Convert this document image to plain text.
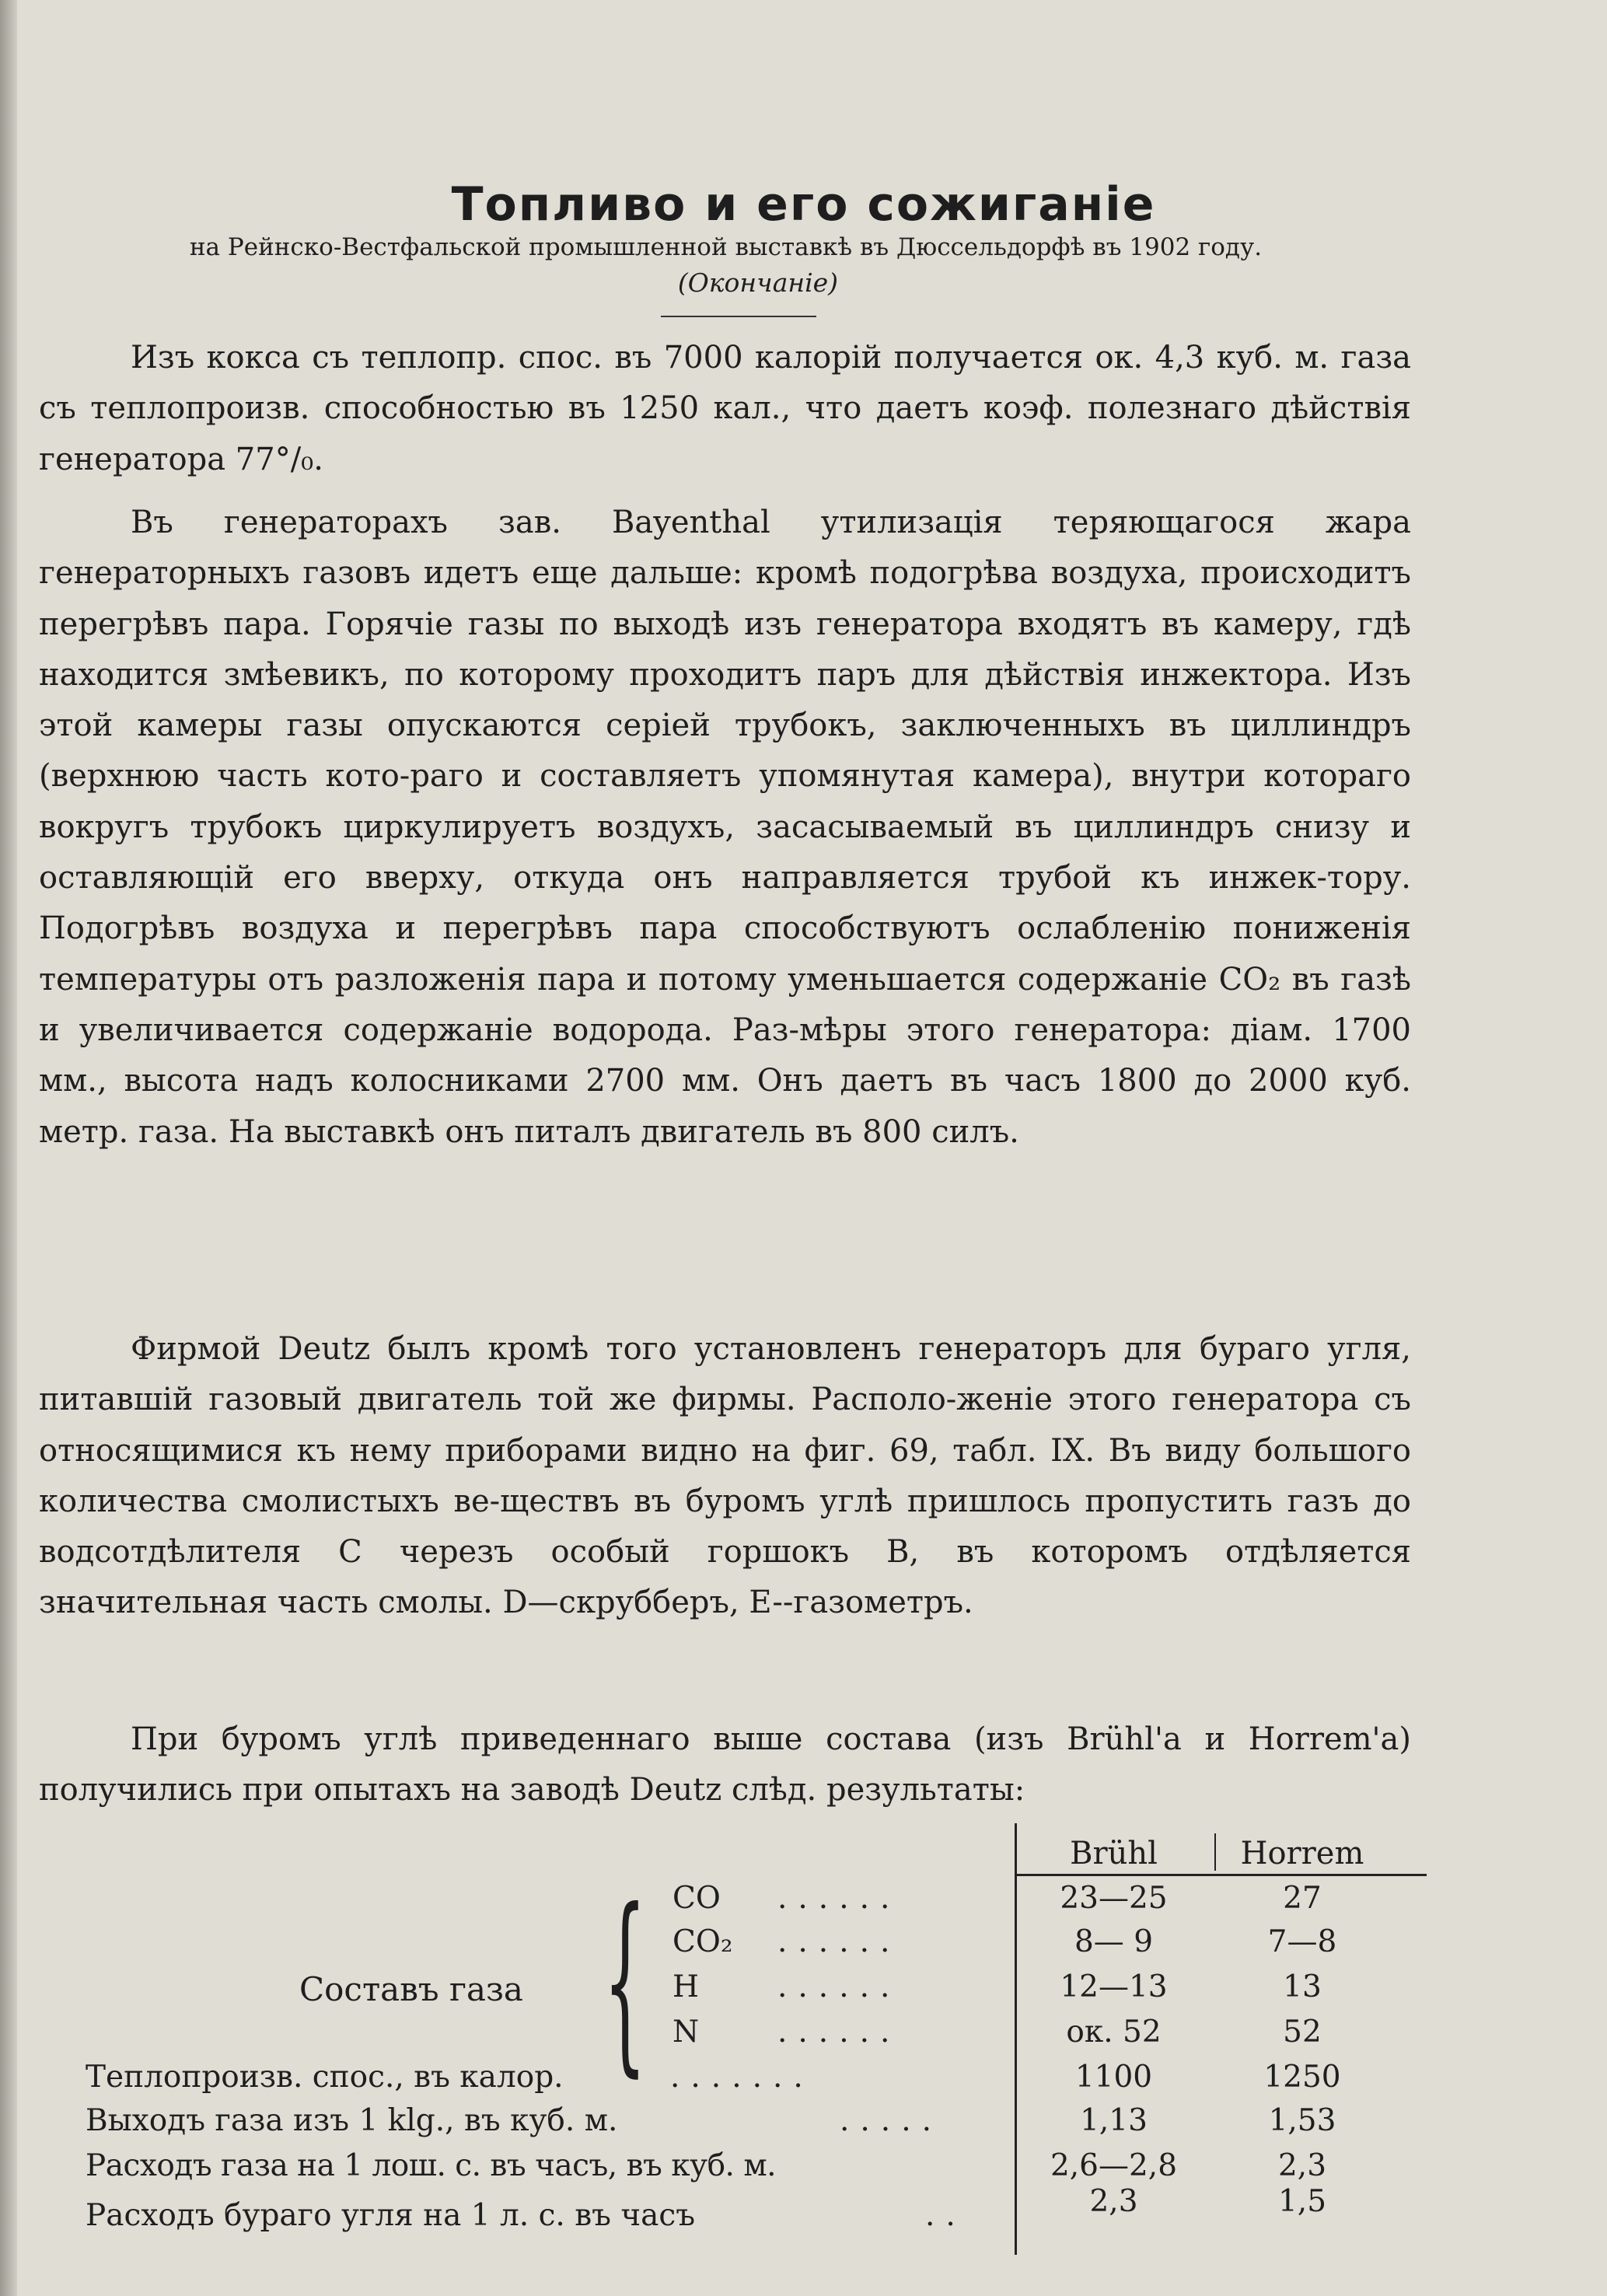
Топливо и его сожиганіе

на Рейнско-Вестфальской промышленной выставкѣ въ Дюссельдорфѣ въ 1902 году.

(Окончаніе)

Изъ кокса съ теплопр. спос. въ 7000 калорій получается ок. 4,3 куб. м. газа съ теплопроизв. способностью въ 1250 кал., что даетъ коэф. полезнаго дѣйствія генератора 77°/₀.

Въ генераторахъ зав. Bayenthal утилизація теряющагося жара генераторныхъ газовъ идетъ еще дальше: кромѣ подогрѣва воздуха, происходитъ перегрѣвъ пара. Горячіе газы по выходѣ изъ генератора входятъ въ камеру, гдѣ находится змѣевикъ, по которому проходитъ паръ для дѣйствія инжектора. Изъ этой камеры газы опускаются серіей трубокъ, заключенныхъ въ циллиндръ (верхнюю часть кото-раго и составляетъ упомянутая камера), внутри котораго вокругъ трубокъ циркулируетъ воздухъ, засасываемый въ циллиндръ снизу и оставляющій его вверху, откуда онъ направляется трубой къ инжек-тору. Подогрѣвъ воздуха и перегрѣвъ пара способствуютъ ослабленію пониженія температуры отъ разложенія пара и потому уменьшается содержаніе CO₂ въ газѣ и увеличивается содержаніе водорода. Раз-мѣры этого генератора: діам. 1700 мм., высота надъ колосниками 2700 мм. Онъ даетъ въ часъ 1800 до 2000 куб. метр. газа. На выставкѣ онъ питалъ двигатель въ 800 силъ.

Фирмой Deutz былъ кромѣ того установленъ генераторъ для бураго угля, питавшій газовый двигатель той же фирмы. Располо-женіе этого генератора съ относящимися къ нему приборами видно на фиг. 69, табл. IX. Въ виду большого количества смолистыхъ ве-ществъ въ буромъ углѣ пришлось пропустить газъ до водсотдѣлителя C черезъ особый горшокъ B, въ которомъ отдѣляется значительная часть смолы. D—скрубберъ, E--газометръ.

При буромъ углѣ приведеннаго выше состава (изъ Brühl'а и Horrem'а) получились при опытахъ на заводѣ Deutz слѣд. результаты:

Brühl	Horrem
Составъ газа { CO ......	23—25	27
CO₂ ......	8— 9	7—8
H	......	12—13	13
N	......	ок. 52	52
Теплопроизв. спос., въ калор.	.......	1100	1250
Выходъ газа изъ 1 klg., въ куб. м.	.....	1,13	1,53
Расходъ газа на 1 лош. с. въ часъ, въ куб. м.	2,6—2,8	2,3
Расходъ бураго угля на 1 л. с. въ часъ	..	2,3	1,5
